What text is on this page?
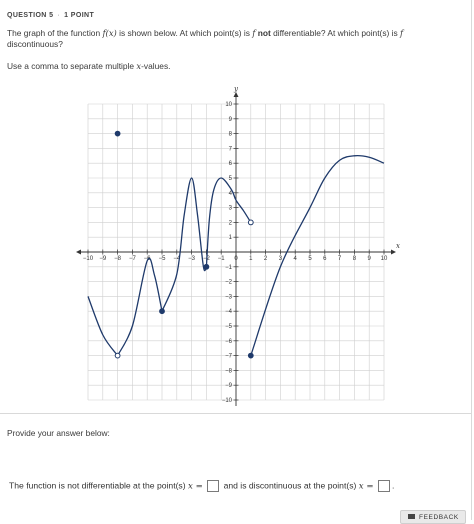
QUESTION 5 · 1 POINT
The graph of the function f(x) is shown below. At which point(s) is f not differentiable? At which point(s) is f discontinuous?
Use a comma to separate multiple x-values.
x
y
−10 −9 −8 −7 −6 −5 −4 −3 −2 −1 0 1 2 3 4 5 6 7 8 9 10
−10
−9
−8
−7
−6
−5
−4
−3
−2
−1
1
2
3
4
5
6
7
8
9
10
Provide your answer below:
The function is not differentiable at the point(s) x = and is discontinuous at the point(s) x = .
FEEDBACK
